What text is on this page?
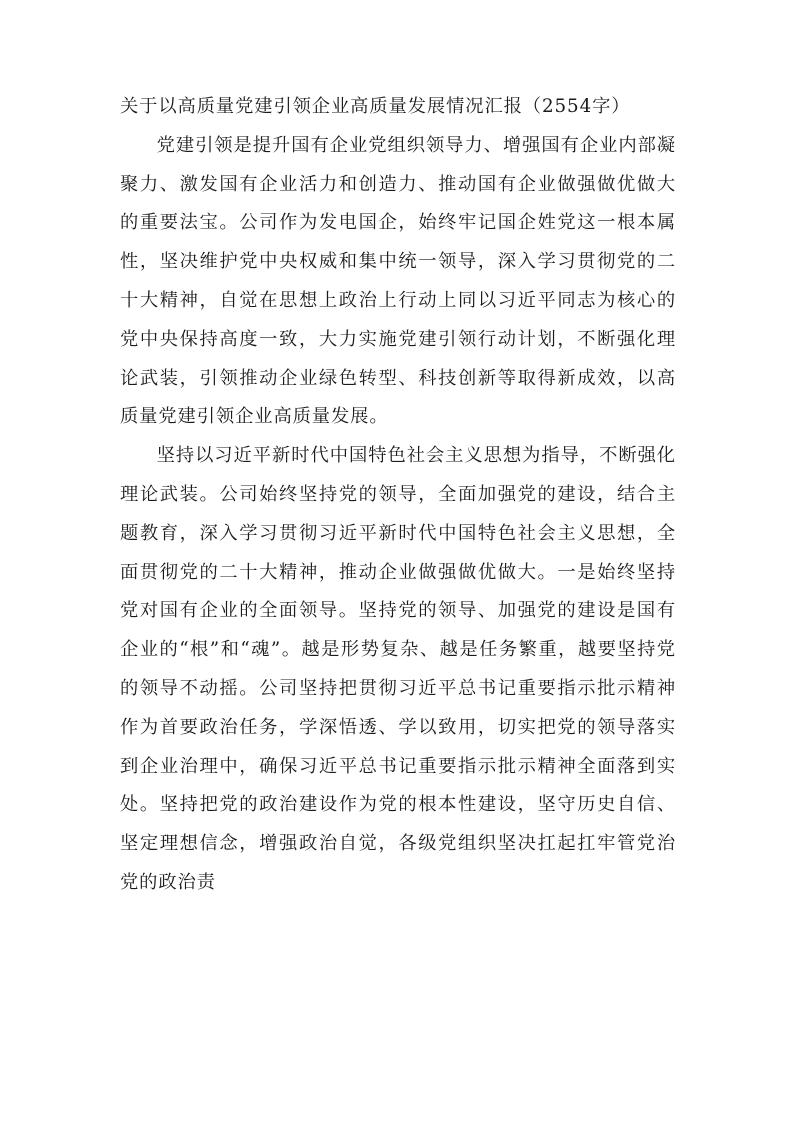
关于以高质量党建引领企业高质量发展情况汇报（2554字）

党建引领是提升国有企业党组织领导力、增强国有企业内部凝聚力、激发国有企业活力和创造力、推动国有企业做强做优做大的重要法宝。公司作为发电国企，始终牢记国企姓党这一根本属性，坚决维护党中央权威和集中统一领导，深入学习贯彻党的二十大精神，自觉在思想上政治上行动上同以习近平同志为核心的党中央保持高度一致，大力实施党建引领行动计划，不断强化理论武装，引领推动企业绿色转型、科技创新等取得新成效，以高质量党建引领企业高质量发展。

坚持以习近平新时代中国特色社会主义思想为指导，不断强化理论武装。公司始终坚持党的领导，全面加强党的建设，结合主题教育，深入学习贯彻习近平新时代中国特色社会主义思想，全面贯彻党的二十大精神，推动企业做强做优做大。一是始终坚持党对国有企业的全面领导。坚持党的领导、加强党的建设是国有企业的“根”和“魂”。越是形势复杂、越是任务繁重，越要坚持党的领导不动摇。公司坚持把贯彻习近平总书记重要指示批示精神作为首要政治任务，学深悟透、学以致用，切实把党的领导落实到企业治理中，确保习近平总书记重要指示批示精神全面落到实处。坚持把党的政治建设作为党的根本性建设，坚守历史自信、坚定理想信念，增强政治自觉，各级党组织坚决扛起扛牢管党治党的政治责
